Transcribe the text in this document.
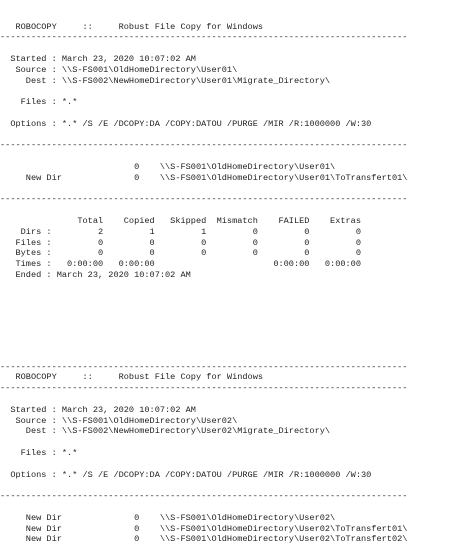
ROBOCOPY     ::     Robust File Copy for Windows
-------------------------------------------------------------------------------
Started : March 23, 2020 10:07:02 AM
Source : \\S-FS001\OldHomeDirectory\User01\
Dest : \\S-FS002\NewHomeDirectory\User01\Migrate_Directory\
Files : *.*
Options : *.* /S /E /DCOPY:DA /COPY:DATOU /PURGE /MIR /R:1000000 /W:30
-------------------------------------------------------------------------------
0    \\S-FS001\OldHomeDirectory\User01\
New Dir              0    \\S-FS001\OldHomeDirectory\User01\ToTransfert01\
-------------------------------------------------------------------------------
Total    Copied   Skipped  Mismatch    FAILED    Extras
Dirs :         2         1         1         0         0         0
Files :         0         0         0         0         0         0
Bytes :         0         0         0         0         0         0
Times :   0:00:00   0:00:00                       0:00:00   0:00:00
Ended : March 23, 2020 10:07:02 AM

-------------------------------------------------------------------------------
ROBOCOPY     ::     Robust File Copy for Windows
-------------------------------------------------------------------------------
Started : March 23, 2020 10:07:02 AM
Source : \\S-FS001\OldHomeDirectory\User02\
Dest : \\S-FS002\NewHomeDirectory\User02\Migrate_Directory\
Files : *.*
Options : *.* /S /E /DCOPY:DA /COPY:DATOU /PURGE /MIR /R:1000000 /W:30
-------------------------------------------------------------------------------
New Dir              0    \\S-FS001\OldHomeDirectory\User02\
New Dir              0    \\S-FS001\OldHomeDirectory\User02\ToTransfert01\
New Dir              0    \\S-FS001\OldHomeDirectory\User02\ToTransfert02\
